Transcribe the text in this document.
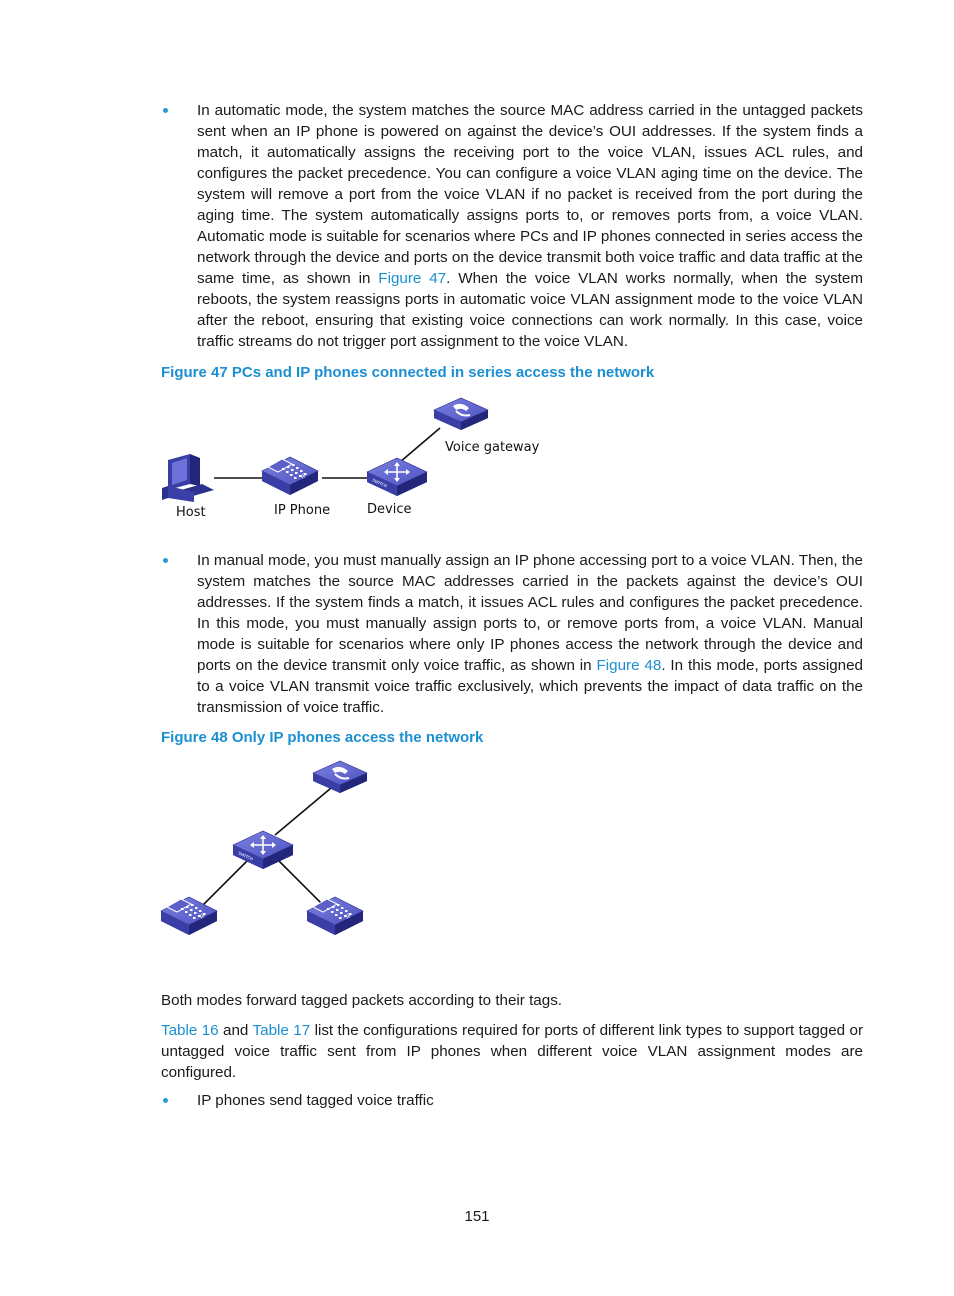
In automatic mode, the system matches the source MAC address carried in the untagged packets sent when an IP phone is powered on against the device’s OUI addresses. If the system finds a match, it automatically assigns the receiving port to the voice VLAN, issues ACL rules, and configures the packet precedence. You can configure a voice VLAN aging time on the device. The system will remove a port from the voice VLAN if no packet is received from the port during the aging time. The system automatically assigns ports to, or removes ports from, a voice VLAN. Automatic mode is suitable for scenarios where PCs and IP phones connected in series access the network through the device and ports on the device transmit both voice traffic and data traffic at the same time, as shown in Figure 47. When the voice VLAN works normally, when the system reboots, the system reassigns ports in automatic voice VLAN assignment mode to the voice VLAN after the reboot, ensuring that existing voice connections can work normally. In this case, voice traffic streams do not trigger port assignment to the voice VLAN.
Figure 47 PCs and IP phones connected in series access the network
IP
SWITCH
Host	IP Phone	Device
Voice gateway
In manual mode, you must manually assign an IP phone accessing port to a voice VLAN. Then, the system matches the source MAC addresses carried in the packets against the device’s OUI addresses. If the system finds a match, it issues ACL rules and configures the packet precedence. In this mode, you must manually assign ports to, or remove ports from, a voice VLAN. Manual mode is suitable for scenarios where only IP phones access the network through the device and ports on the device transmit only voice traffic, as shown in Figure 48. In this mode, ports assigned to a voice VLAN transmit voice traffic exclusively, which prevents the impact of data traffic on the transmission of voice traffic.
Figure 48 Only IP phones access the network
SWITCH
IP	IP
Both modes forward tagged packets according to their tags.
Table 16 and Table 17 list the configurations required for ports of different link types to support tagged or untagged voice traffic sent from IP phones when different voice VLAN assignment modes are configured.
IP phones send tagged voice traffic
151
